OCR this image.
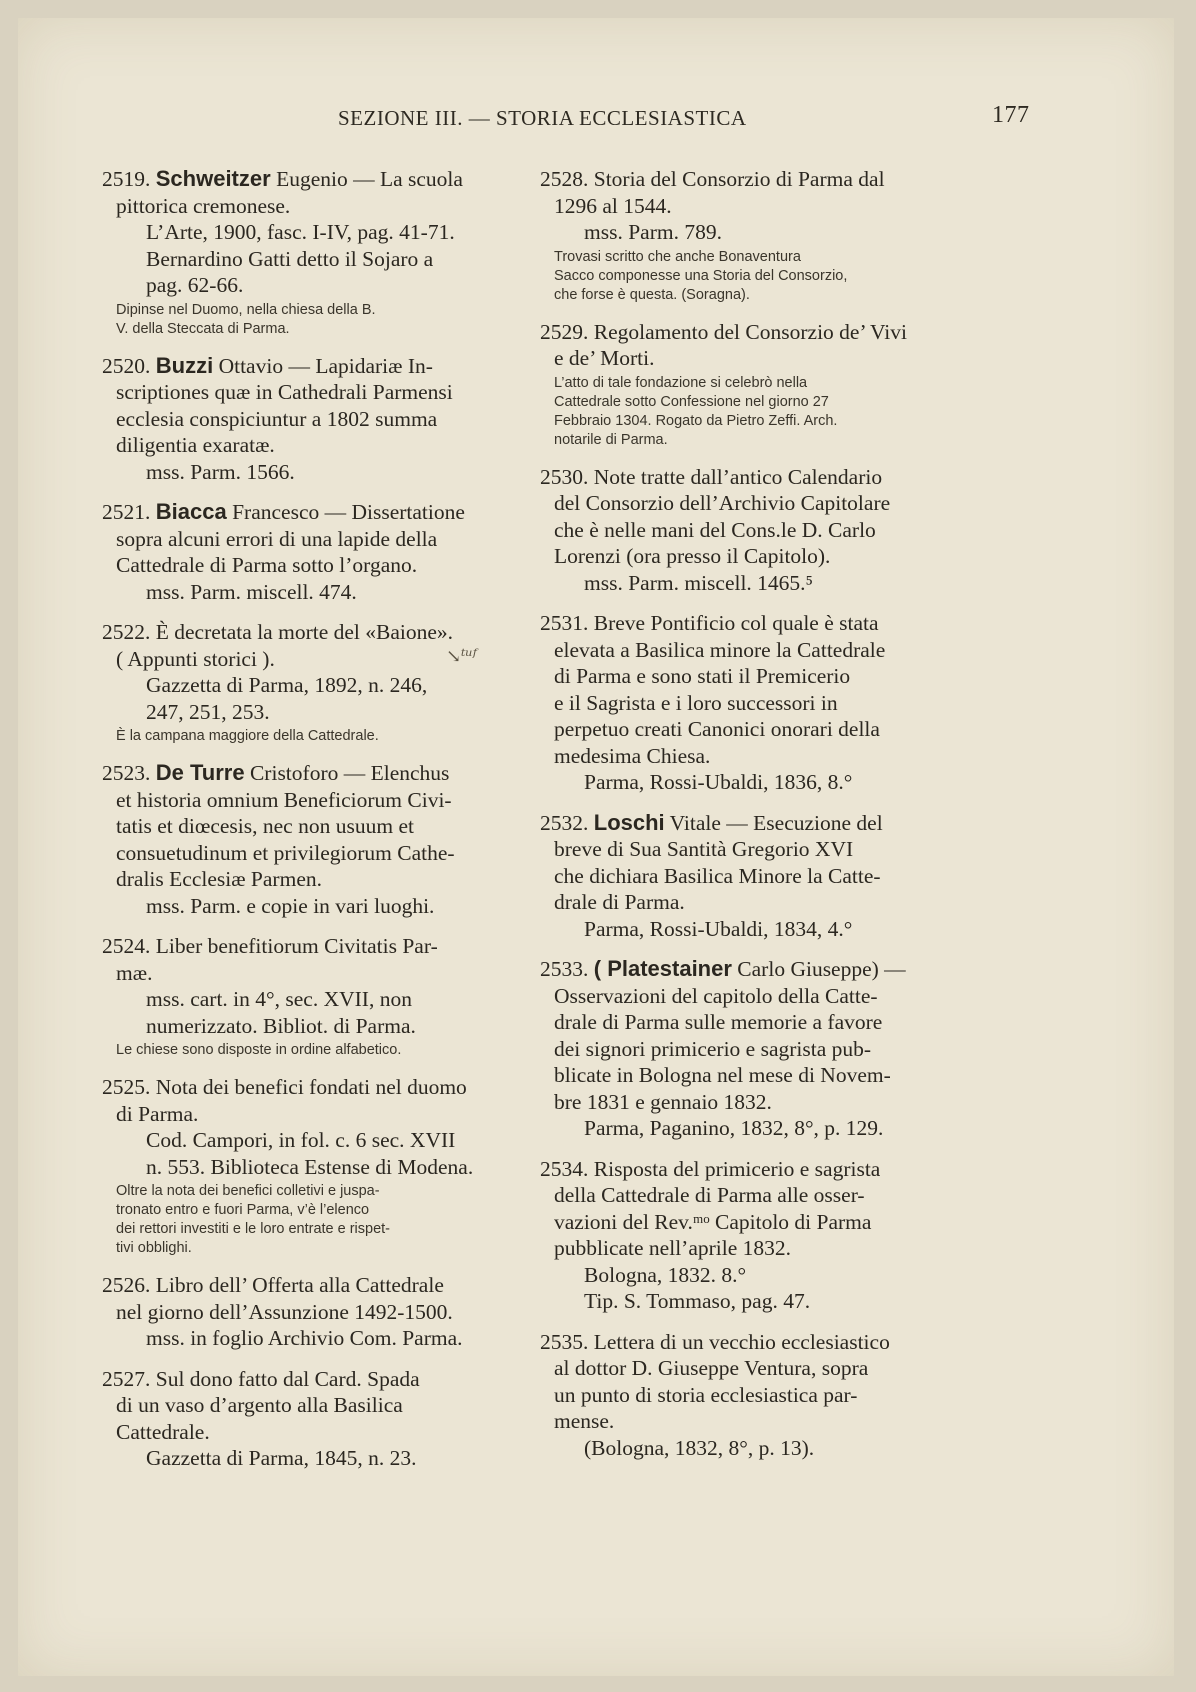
SEZIONE III. — STORIA ECCLESIASTICA	177
2519. Schweitzer Eugenio — La scuola
pittorica cremonese.
L’Arte, 1900, fasc. I-IV, pag. 41-71.
Bernardino Gatti detto il Sojaro a
pag. 62-66.
Dipinse nel Duomo, nella chiesa della B.
V. della Steccata di Parma.
2520. Buzzi Ottavio — Lapidariæ In-
scriptiones quæ in Cathedrali Parmensi
ecclesia conspiciuntur a 1802 summa
diligentia exaratæ.
mss. Parm. 1566.
2521. Biacca Francesco — Dissertatione
sopra alcuni errori di una lapide della
Cattedrale di Parma sotto l’organo.
mss. Parm. miscell. 474.
2522. È decretata la morte del «Baione».
( Appunti storici ).
Gazzetta di Parma, 1892, n. 246,
247, 251, 253.
È la campana maggiore della Cattedrale.
2523. De Turre Cristoforo — Elenchus
et historia omnium Beneficiorum Civi-
tatis et diœcesis, nec non usuum et
consuetudinum et privilegiorum Cathe-
dralis Ecclesiæ Parmen.
mss. Parm. e copie in vari luoghi.
2524. Liber benefitiorum Civitatis Par-
mæ.
mss. cart. in 4°, sec. XVII, non
numerizzato. Bibliot. di Parma.
Le chiese sono disposte in ordine alfabetico.
2525. Nota dei benefici fondati nel duomo
di Parma.
Cod. Campori, in fol. c. 6 sec. XVII
n. 553. Biblioteca Estense di Modena.
Oltre la nota dei benefici colletivi e juspa-
tronato entro e fuori Parma, v’è l’elenco
dei rettori investiti e le loro entrate e rispet-
tivi obblighi.
2526. Libro dell’ Offerta alla Cattedrale
nel giorno dell’Assunzione 1492-1500.
mss. in foglio Archivio Com. Parma.
2527. Sul dono fatto dal Card. Spada
di un vaso d’argento alla Basilica
Cattedrale.
Gazzetta di Parma, 1845, n. 23.
2528. Storia del Consorzio di Parma dal
1296 al 1544.
mss. Parm. 789.
Trovasi scritto che anche Bonaventura
Sacco componesse una Storia del Consorzio,
che forse è questa. (Soragna).
2529. Regolamento del Consorzio de’ Vivi
e de’ Morti.
L’atto di tale fondazione si celebrò nella
Cattedrale sotto Confessione nel giorno 27
Febbraio 1304. Rogato da Pietro Zeffi. Arch.
notarile di Parma.
2530. Note tratte dall’antico Calendario
del Consorzio dell’Archivio Capitolare
che è nelle mani del Cons.le D. Carlo
Lorenzi (ora presso il Capitolo).
mss. Parm. miscell. 1465.⁵
2531. Breve Pontificio col quale è stata
elevata a Basilica minore la Cattedrale
di Parma e sono stati il Premicerio
e il Sagrista e i loro successori in
perpetuo creati Canonici onorari della
medesima Chiesa.
Parma, Rossi-Ubaldi, 1836, 8.°
2532. Loschi Vitale — Esecuzione del
breve di Sua Santità Gregorio XVI
che dichiara Basilica Minore la Catte-
drale di Parma.
Parma, Rossi-Ubaldi, 1834, 4.°
2533. ( Platestainer Carlo Giuseppe) —
Osservazioni del capitolo della Catte-
drale di Parma sulle memorie a favore
dei signori primicerio e sagrista pub-
blicate in Bologna nel mese di Novem-
bre 1831 e gennaio 1832.
Parma, Paganino, 1832, 8°, p. 129.
2534. Risposta del primicerio e sagrista
della Cattedrale di Parma alle osser-
vazioni del Rev.ᵐᵒ Capitolo di Parma
pubblicate nell’aprile 1832.
Bologna, 1832. 8.°
Tip. S. Tommaso, pag. 47.
2535. Lettera di un vecchio ecclesiastico
al dottor D. Giuseppe Ventura, sopra
un punto di storia ecclesiastica par-
mense.
(Bologna, 1832, 8°, p. 13).
↘ᵗᵘᶠ
